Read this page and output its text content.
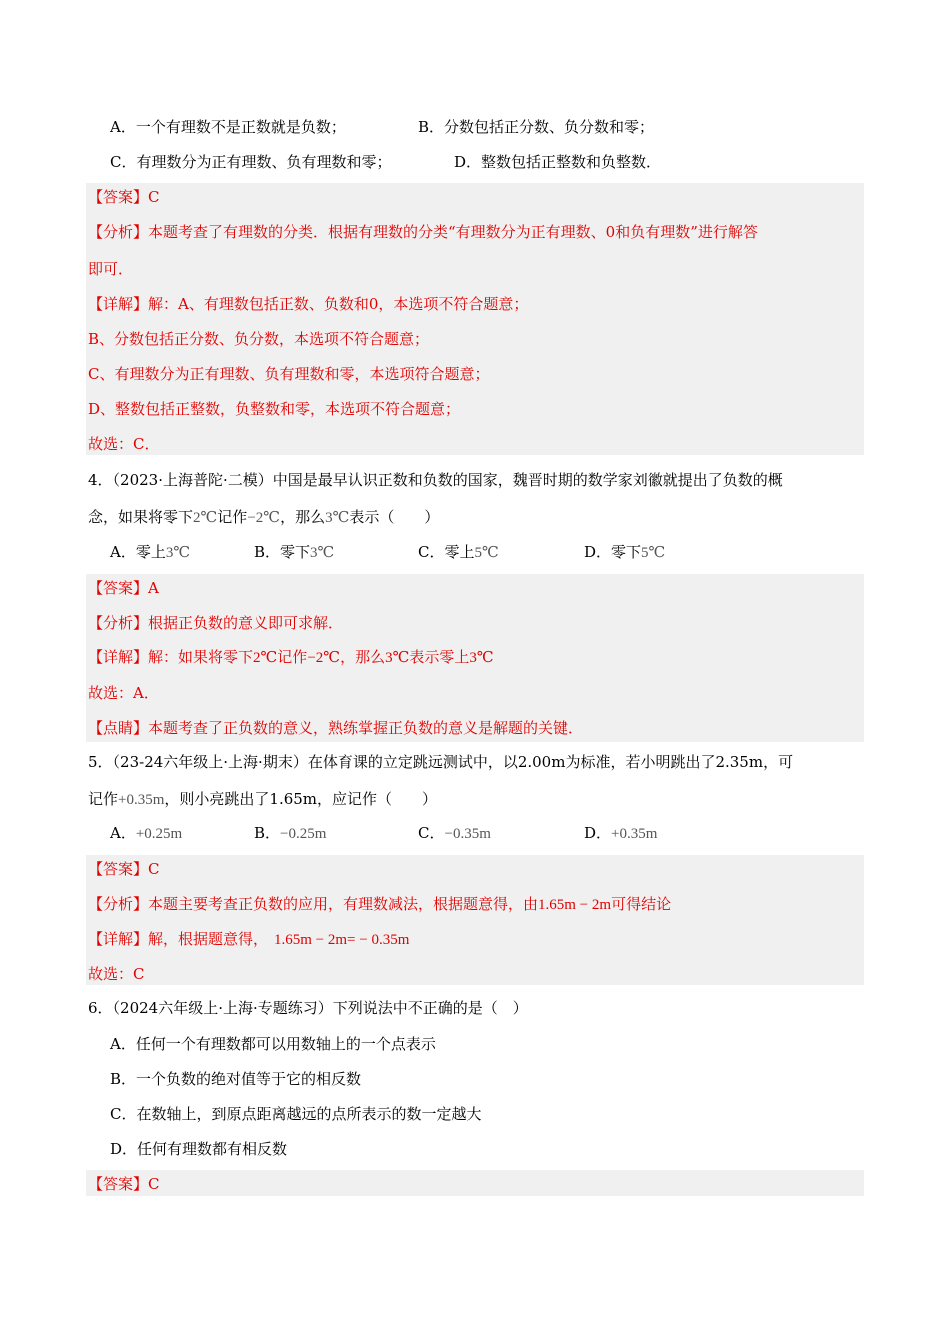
A．一个有理数不是正数就是负数；	B．分数包括正分数、负分数和零；
C．有理数分为正有理数、负有理数和零；	D．整数包括正整数和负整数．
【答案】C
【分析】本题考查了有理数的分类．根据有理数的分类“有理数分为正有理数、0和负有理数”进行解答
即可．
【详解】解：A、有理数包括正数、负数和0，本选项不符合题意；
B、分数包括正分数、负分数，本选项不符合题意；
C、有理数分为正有理数、负有理数和零，本选项符合题意；
D、整数包括正整数，负整数和零，本选项不符合题意；
故选：C．
4．（2023·上海普陀·二模）中国是最早认识正数和负数的国家，魏晋时期的数学家刘徽就提出了负数的概
念，如果将零下2℃记作−2℃，那么3℃表示（　　）
A．零上3℃	B．零下3℃	C．零上5℃	D．零下5℃
【答案】A
【分析】根据正负数的意义即可求解．
【详解】解：如果将零下2℃记作−2℃，那么3℃表示零上3℃
故选：A．
【点睛】本题考查了正负数的意义，熟练掌握正负数的意义是解题的关键．
5．（23-24六年级上·上海·期末）在体育课的立定跳远测试中，以2.00m为标准，若小明跳出了2.35m，可
记作+0.35m，则小亮跳出了1.65m，应记作（　　）
A．+0.25m	B．−0.25m	C．−0.35m	D．+0.35m
【答案】C
【分析】本题主要考查正负数的应用，有理数减法，根据题意得，由1.65m − 2m可得结论
【详解】解，根据题意得， 1.65m − 2m= − 0.35m
故选：C
6．（2024六年级上·上海·专题练习）下列说法中不正确的是（　）
A．任何一个有理数都可以用数轴上的一个点表示
B．一个负数的绝对值等于它的相反数
C．在数轴上，到原点距离越远的点所表示的数一定越大
D．任何有理数都有相反数
【答案】C
